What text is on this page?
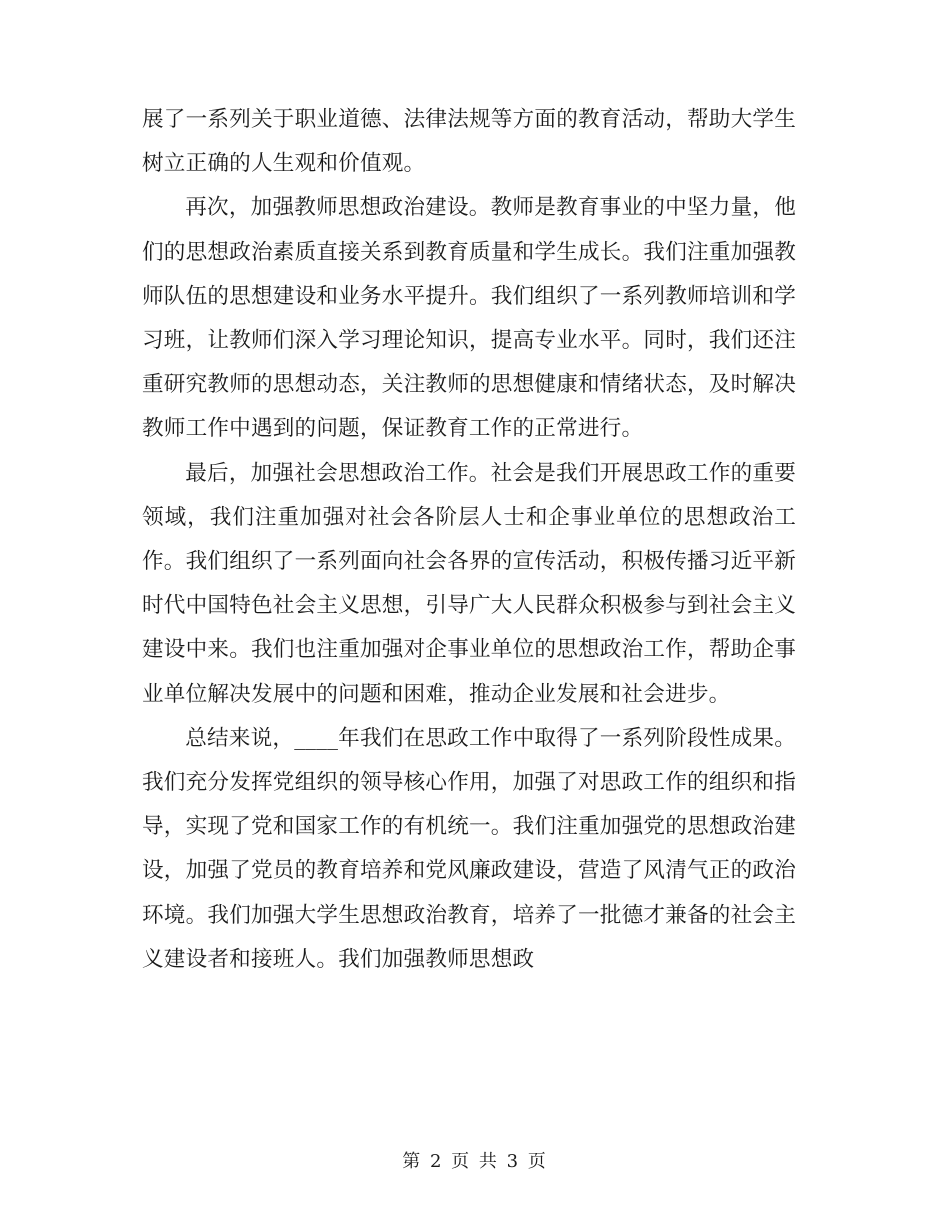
展了一系列关于职业道德、法律法规等方面的教育活动，帮助大学生树立正确的人生观和价值观。

再次，加强教师思想政治建设。教师是教育事业的中坚力量，他们的思想政治素质直接关系到教育质量和学生成长。我们注重加强教师队伍的思想建设和业务水平提升。我们组织了一系列教师培训和学习班，让教师们深入学习理论知识，提高专业水平。同时，我们还注重研究教师的思想动态，关注教师的思想健康和情绪状态，及时解决教师工作中遇到的问题，保证教育工作的正常进行。

最后，加强社会思想政治工作。社会是我们开展思政工作的重要领域，我们注重加强对社会各阶层人士和企事业单位的思想政治工作。我们组织了一系列面向社会各界的宣传活动，积极传播习近平新时代中国特色社会主义思想，引导广大人民群众积极参与到社会主义建设中来。我们也注重加强对企事业单位的思想政治工作，帮助企事业单位解决发展中的问题和困难，推动企业发展和社会进步。

总结来说，____年我们在思政工作中取得了一系列阶段性成果。我们充分发挥党组织的领导核心作用，加强了对思政工作的组织和指导，实现了党和国家工作的有机统一。我们注重加强党的思想政治建设，加强了党员的教育培养和党风廉政建设，营造了风清气正的政治环境。我们加强大学生思想政治教育，培养了一批德才兼备的社会主义建设者和接班人。我们加强教师思想政

第 2 页 共 3 页
